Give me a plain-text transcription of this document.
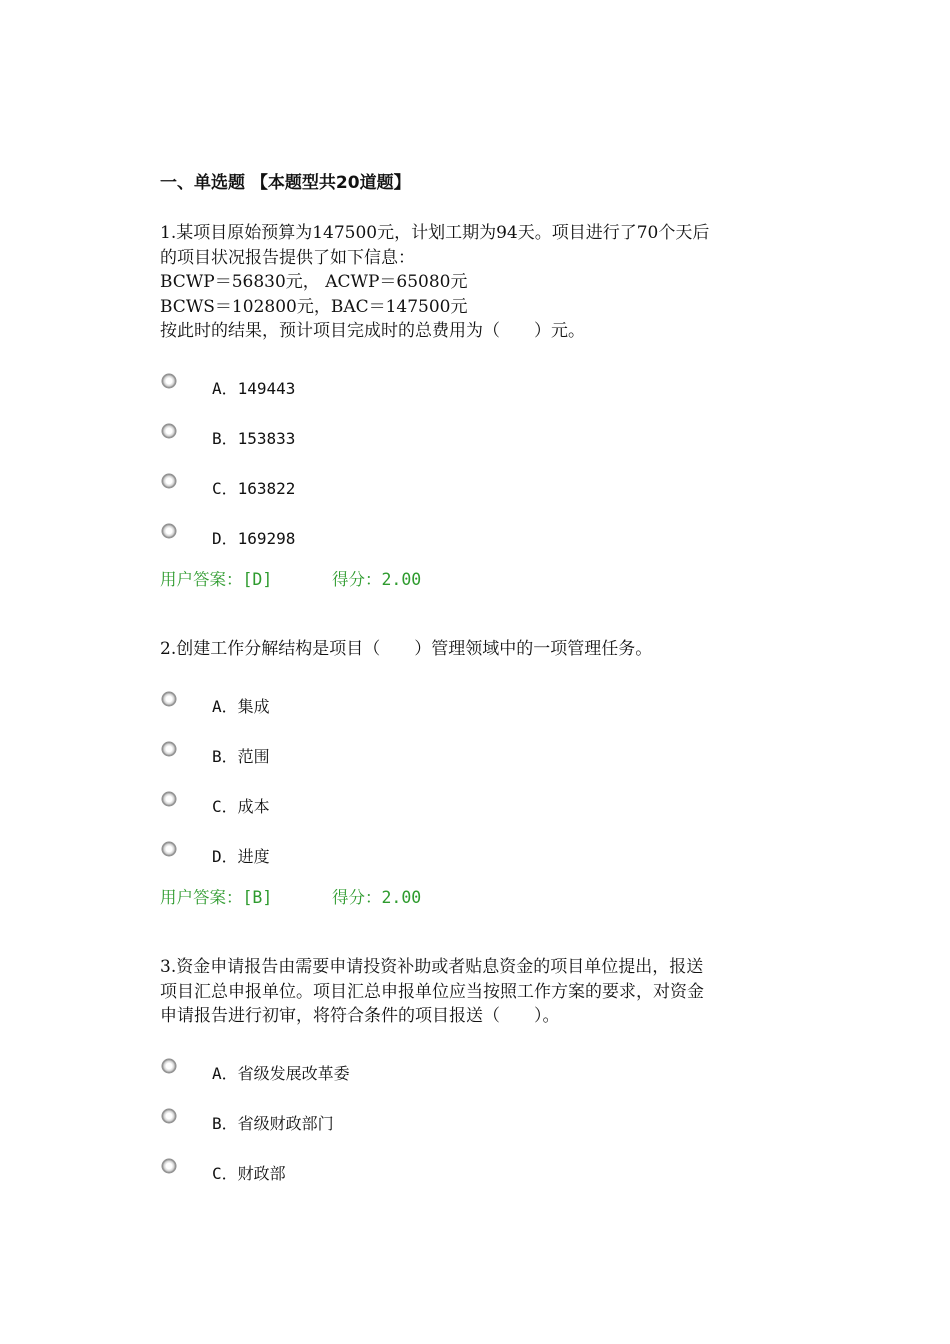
一、单选题 【本题型共20道题】

1.某项目原始预算为147500元，计划工期为94天。项目进行了70个天后
的项目状况报告提供了如下信息：
BCWP＝56830元， ACWP＝65080元
BCWS＝102800元，BAC＝147500元
按此时的结果，预计项目完成时的总费用为（　　）元。

A．149443
B．153833
C．163822
D．169298
用户答案：[D]	得分：2.00

2.创建工作分解结构是项目（　　）管理领域中的一项管理任务。

A．集成
B．范围
C．成本
D．进度
用户答案：[B]	得分：2.00

3.资金申请报告由需要申请投资补助或者贴息资金的项目单位提出，报送
项目汇总申报单位。项目汇总申报单位应当按照工作方案的要求，对资金
申请报告进行初审，将符合条件的项目报送（　　）。

A．省级发展改革委
B．省级财政部门
C．财政部
